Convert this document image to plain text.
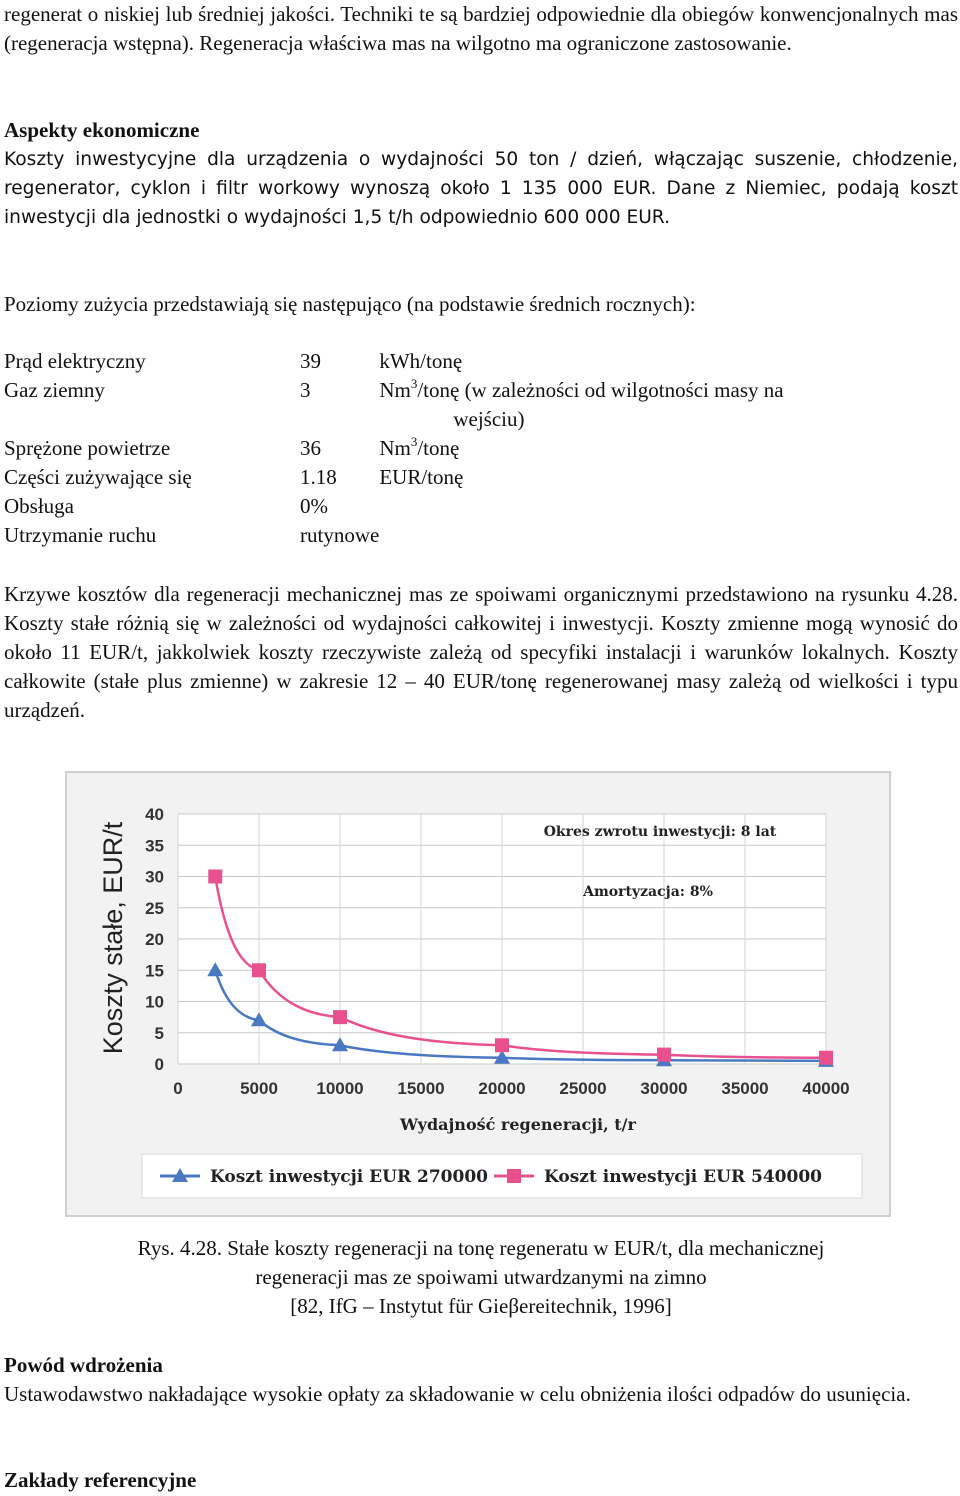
regenerat o niskiej lub średniej jakości. Techniki te są bardziej odpowiednie dla obiegów konwencjonalnych mas (regeneracja wstępna). Regeneracja właściwa mas na wilgotno ma ograniczone zastosowanie.

Aspekty ekonomiczne

Koszty inwestycyjne dla urządzenia o wydajności 50 ton / dzień, włączając suszenie, chłodzenie, regenerator, cyklon i filtr workowy wynoszą około 1 135 000 EUR. Dane z Niemiec, podają koszt inwestycji dla jednostki o wydajności 1,5 t/h odpowiednio 600 000 EUR.

Poziomy zużycia przedstawiają się następująco (na podstawie średnich rocznych):

Prąd elektryczny	39	kWh/tonę
Gaz ziemny	3	Nm$^3$/tonę (w zależności od wilgotności masy na
wejściu)

Sprężone powietrze	36	Nm$^3$/tonę
Części zużywające się	1.18	EUR/tonę
Obsługa	0%	
Utrzymanie ruchu	rutynowe	

Krzywe kosztów dla regeneracji mechanicznej mas ze spoiwami organicznymi przedstawiono na rysunku 4.28. Koszty stałe różnią się w zależności od wydajności całkowitej i inwestycji. Koszty zmienne mogą wynosić do około 11 EUR/t, jakkolwiek koszty rzeczywiste zależą od specyfiki instalacji i warunków lokalnych. Koszty całkowite (stałe plus zmienne) w zakresie 12 – 40 EUR/tonę regenerowanej masy zależą od wielkości i typu urządzeń.

0
5
10
15
20
25
30
35
40
0	5000 10000 15000 20000 25000 30000 35000 40000
Koszty stałe, EUR/t
Wydajność regeneracji, t/r
Okres zwrotu inwestycji: 8 lat
Amortyzacja: 8%
Koszt inwestycji EUR 270000	Koszt inwestycji EUR 540000

Rys. 4.28. Stałe koszty regeneracji na tonę regeneratu w EUR/t, dla mechanicznej

regeneracji mas ze spoiwami utwardzanymi na zimno

[82, IfG – Instytut für Gieβereitechnik, 1996]

Powód wdrożenia

Ustawodawstwo nakładające wysokie opłaty za składowanie w celu obniżenia ilości odpadów do usunięcia.

Zakłady referencyjne
